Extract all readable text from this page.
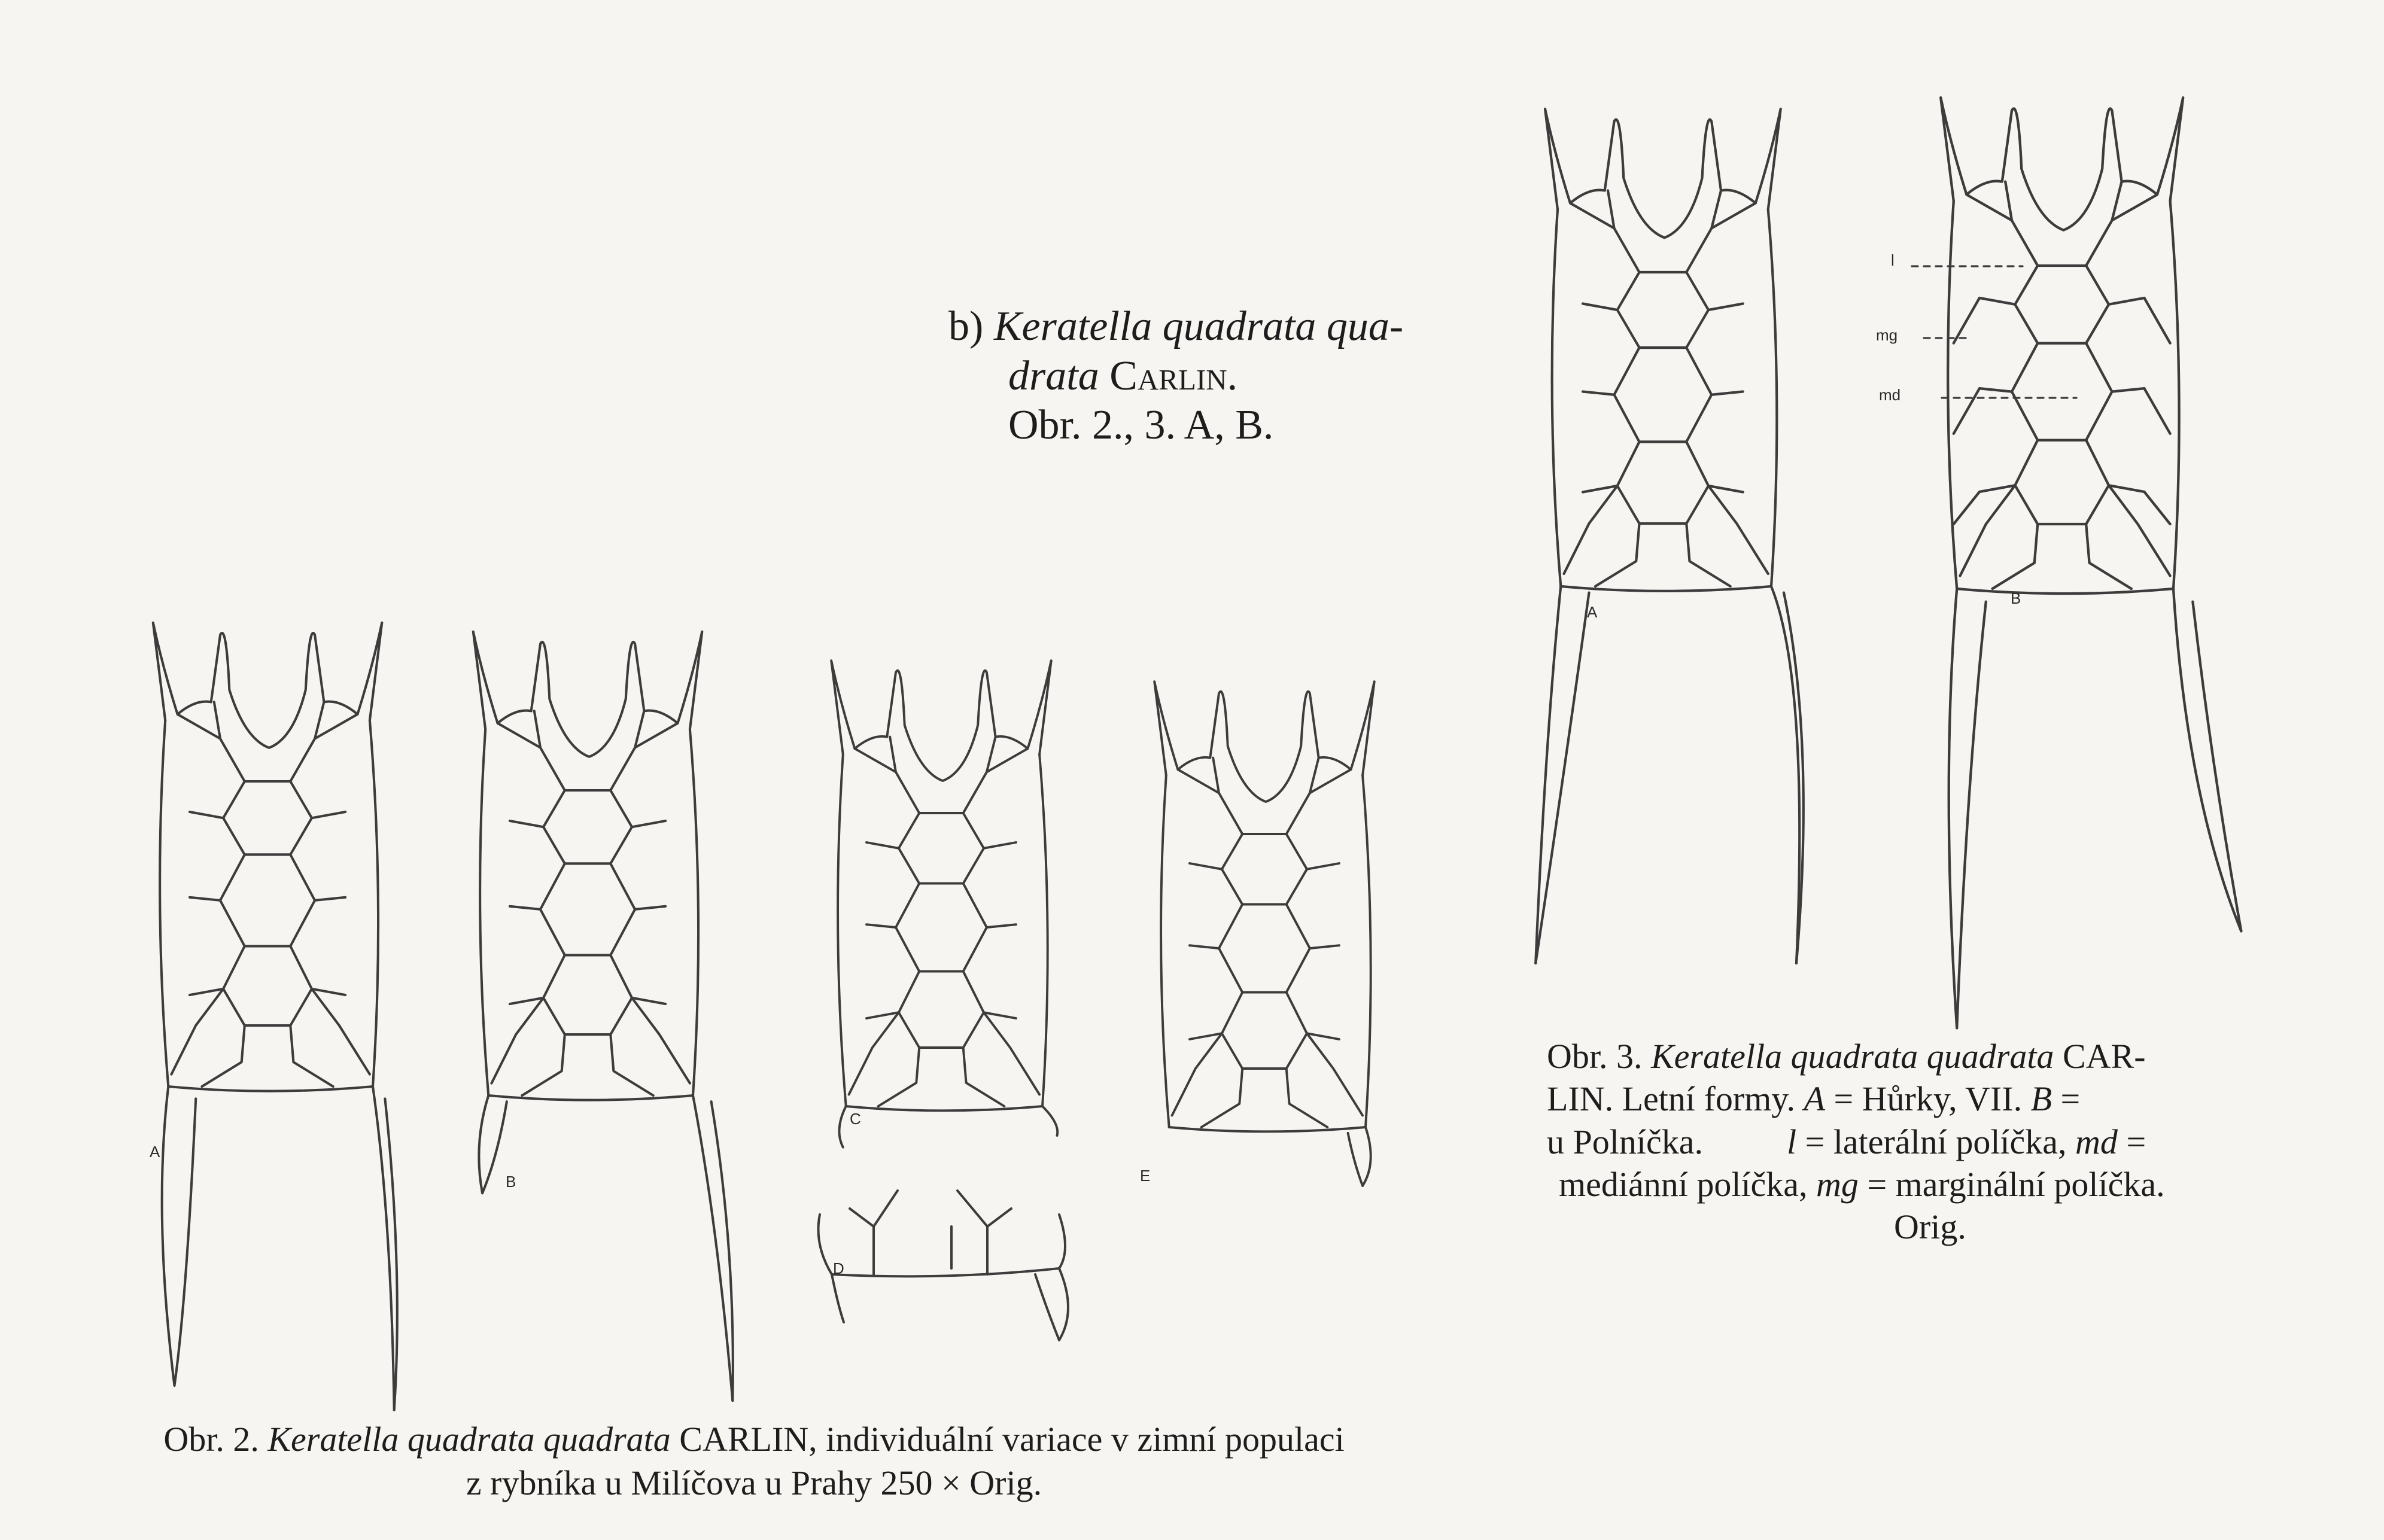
A
B
C
D
E
A
B
l
mg
md
b) Keratella quadrata qua-
drata Carlin.
Obr. 2., 3. A, B.
Obr. 3. Keratella quadrata quadrata CAR-
LIN. Letní formy. A = Hůrky, VII. B =
u Polníčka. l = laterální políčka, md =
mediánní políčka, mg = marginální políčka.
Orig.
Obr. 2. Keratella quadrata quadrata CARLIN, individuální variace v zimní populaci
z rybníka u Milíčova u Prahy 250 × Orig.
